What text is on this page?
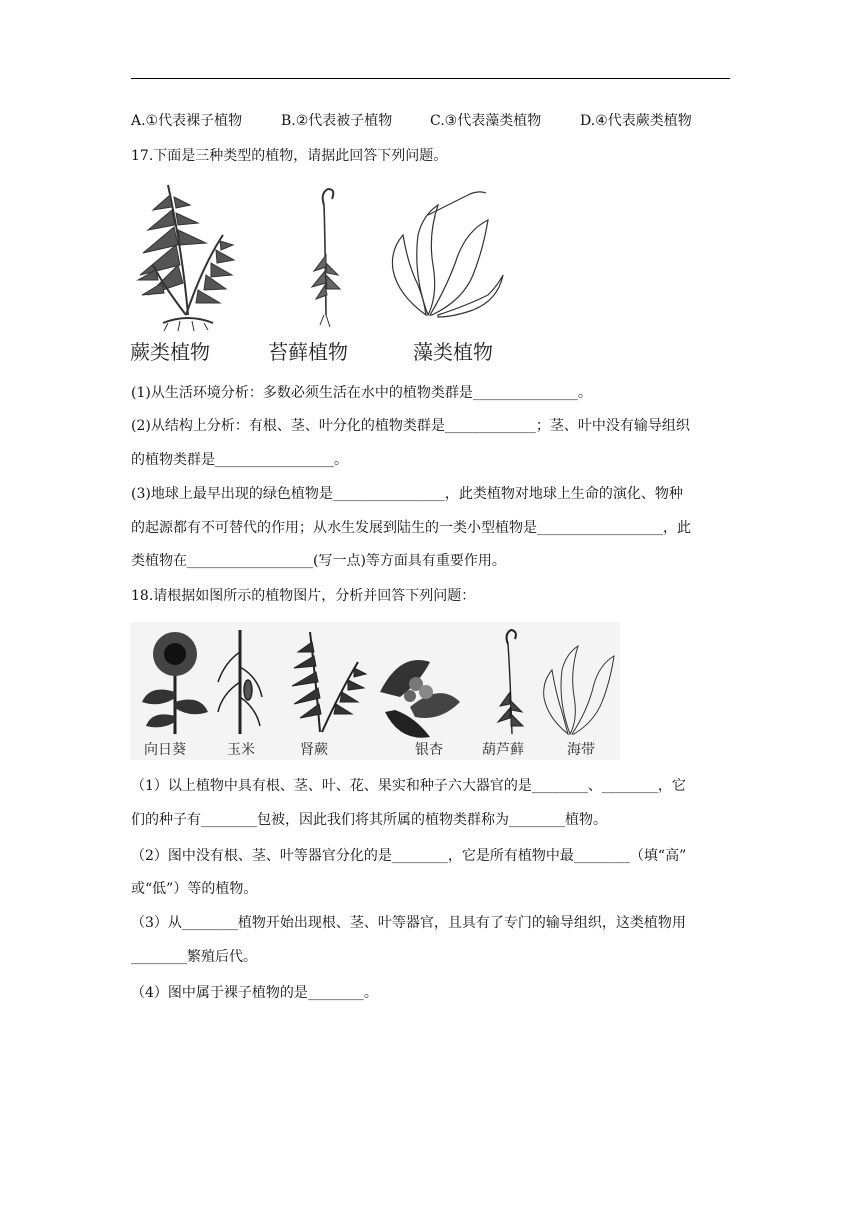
A.①代表裸子植物	B.②代表被子植物	C.③代表藻类植物	D.④代表蕨类植物
17.下面是三种类型的植物，请据此回答下列问题。
蕨类植物	苔藓植物	藻类植物
(1)从生活环境分析：多数必须生活在水中的植物类群是_______________。
(2)从结构上分析：有根、茎、叶分化的植物类群是_____________；茎、叶中没有输导组织
的植物类群是_________________。
(3)地球上最早出现的绿色植物是________________，此类植物对地球上生命的演化、物种
的起源都有不可替代的作用；从水生发展到陆生的一类小型植物是__________________，此
类植物在__________________(写一点)等方面具有重要作用。
18.请根据如图所示的植物图片，分析并回答下列问题：
向日葵	玉米	肾蕨	银杏	葫芦藓	海带
（1）以上植物中具有根、茎、叶、花、果实和种子六大器官的是________、________，它
们的种子有________包被，因此我们将其所属的植物类群称为________植物。
（2）图中没有根、茎、叶等器官分化的是________，它是所有植物中最________（填“高”
或“低”）等的植物。
（3）从________植物开始出现根、茎、叶等器官，且具有了专门的输导组织，这类植物用
________繁殖后代。
（4）图中属于裸子植物的是________。
